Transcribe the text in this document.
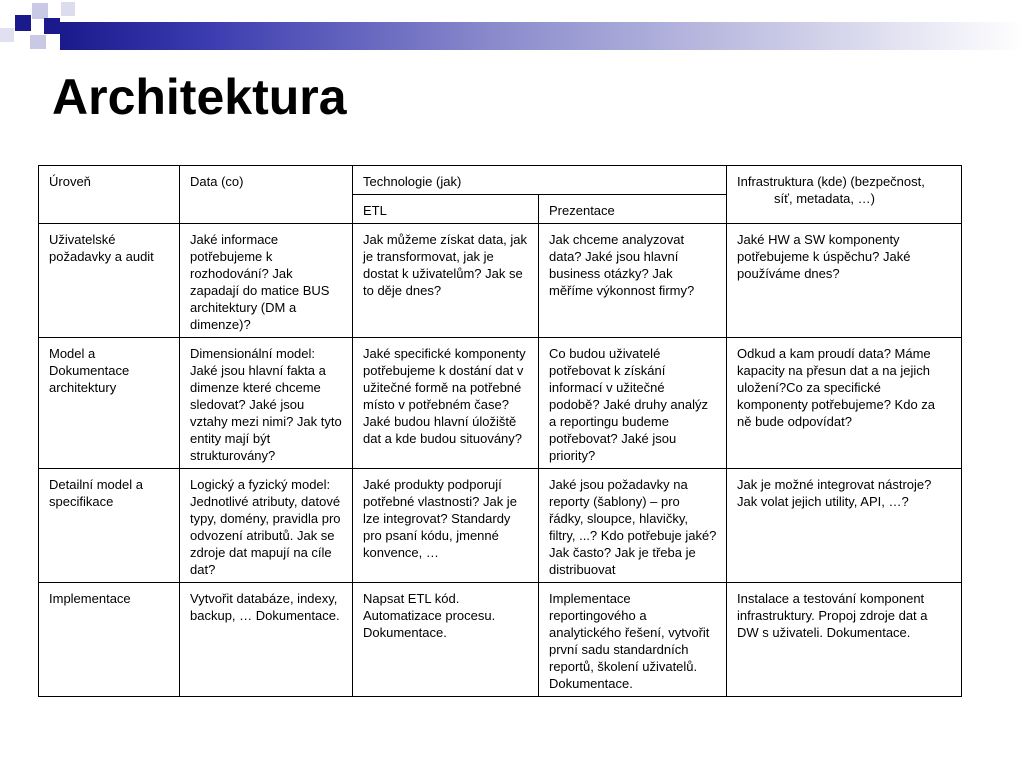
Architektura
Úroveň	Data (co)	Technologie (jak)		Infrastruktura (kde) (bezpečnost,
síť, metadata, …)

		ETL	Prezentace	
Uživatelské požadavky a audit	Jaké informace potřebujeme k rozhodování? Jak zapadají do matice BUS architektury (DM a dimenze)?	Jak můžeme získat data, jak je transformovat, jak je dostat k uživatelům? Jak se to děje dnes?	Jak chceme analyzovat data? Jaké jsou hlavní business otázky? Jak měříme výkonnost firmy?	Jaké HW a SW komponenty potřebujeme k úspěchu? Jaké používáme dnes?
Model a Dokumentace architektury	Dimensionální model: Jaké jsou hlavní fakta a dimenze které chceme sledovat? Jaké jsou vztahy mezi nimi? Jak tyto entity mají být strukturovány?	Jaké specifické komponenty potřebujeme k dostání dat v užitečné formě na potřebné místo v potřebném čase? Jaké budou hlavní úložiště dat a kde budou situovány?	Co budou uživatelé potřebovat k získání informací v užitečné podobě? Jaké druhy analýz a reportingu budeme potřebovat? Jaké jsou priority?	Odkud a kam proudí data? Máme kapacity na přesun dat a na jejich uložení?Co za specifické komponenty potřebujeme? Kdo za ně bude odpovídat?
Detailní model a specifikace	Logický a fyzický model: Jednotlivé atributy, datové typy, domény, pravidla pro odvození atributů. Jak se zdroje dat mapují na cíle dat?	Jaké produkty podporují potřebné vlastnosti? Jak je lze integrovat? Standardy pro psaní kódu, jmenné konvence, …	Jaké jsou požadavky na reporty (šablony) – pro řádky, sloupce, hlavičky, filtry, ...? Kdo potřebuje jaké? Jak často? Jak je třeba je distribuovat	Jak je možné integrovat nástroje? Jak volat jejich utility, API, …?
Implementace	Vytvořit databáze, indexy, backup, … Dokumentace.	Napsat ETL kód. Automatizace procesu. Dokumentace.	Implementace reportingového a analytického řešení, vytvořit první sadu standardních reportů, školení uživatelů. Dokumentace.	Instalace a testování komponent infrastruktury. Propoj zdroje dat a DW s uživateli. Dokumentace.
